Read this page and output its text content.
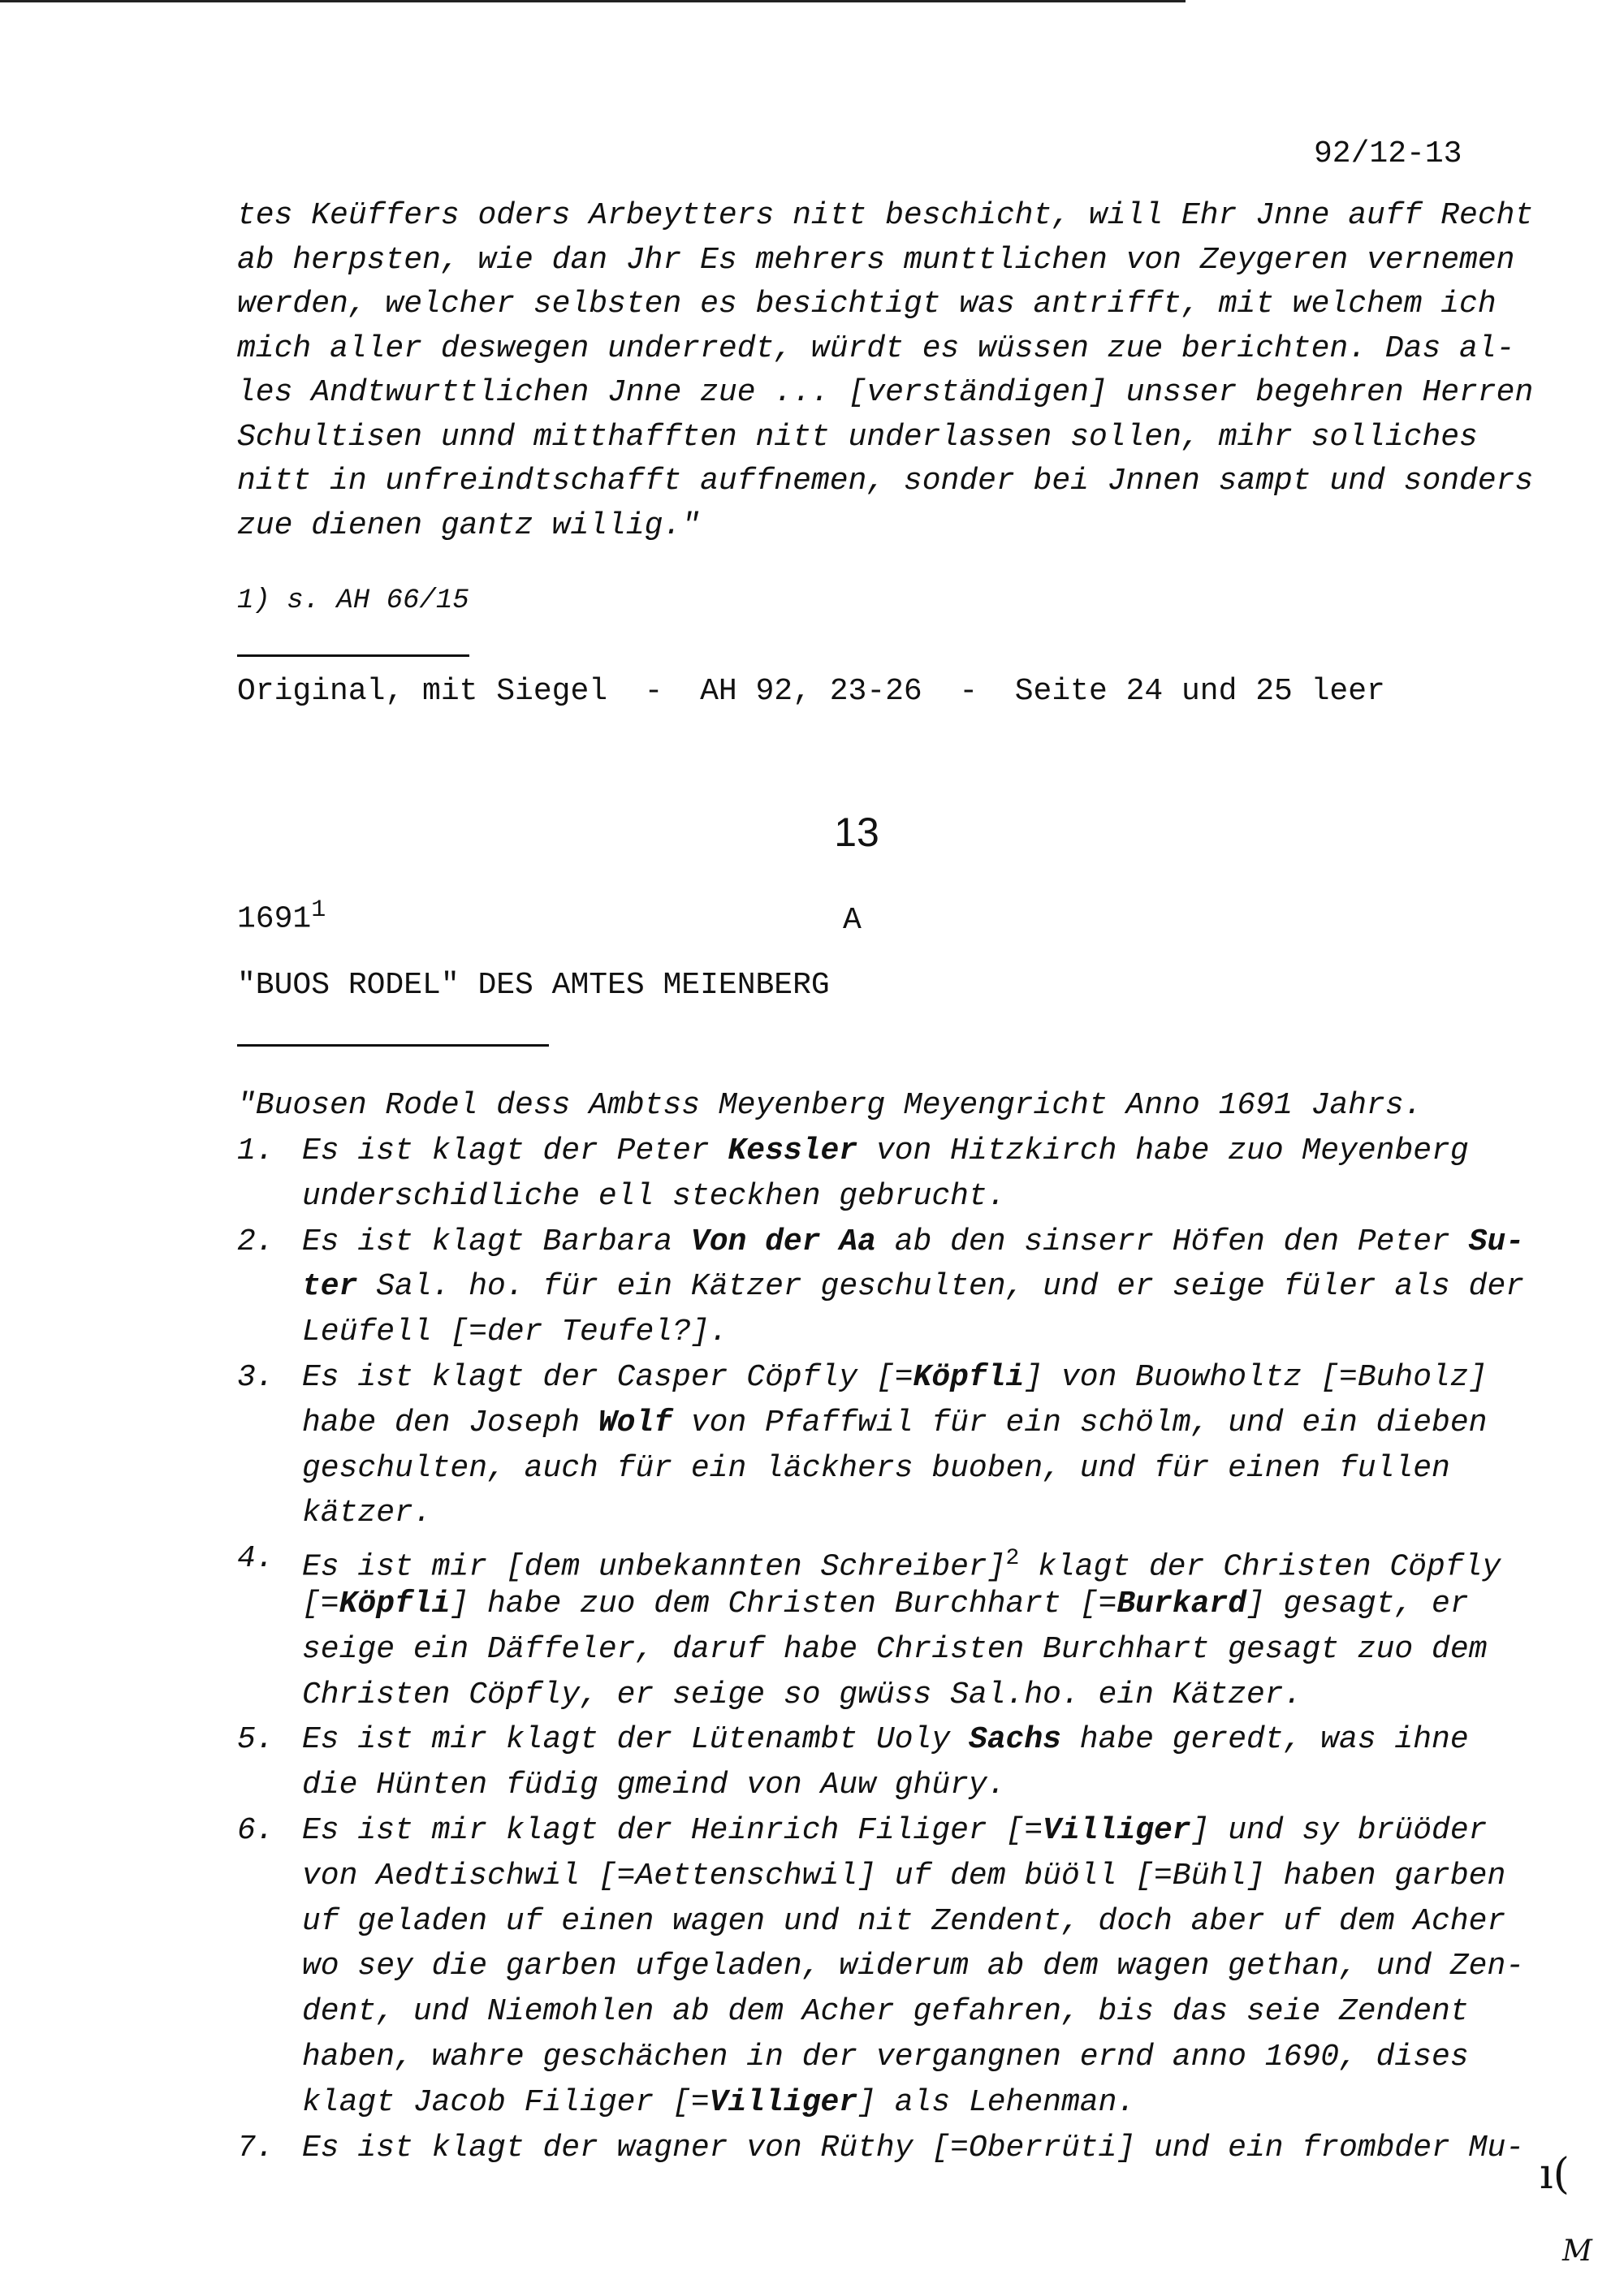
92/12-13
tes Keüffers oders Arbeytters nitt beschicht, will Ehr Jnne auff Recht
ab herpsten, wie dan Jhr Es mehrers munttlichen von Zeygeren vernemen
werden, welcher selbsten es besichtigt was antrifft, mit welchem ich
mich aller deswegen underredt, würdt es wüssen zue berichten. Das al-
les Andtwurttlichen Jnne zue ... [verständigen] unsser begehren Herren
Schultisen unnd mitthafften nitt underlassen sollen, mihr solliches
nitt in unfreindtschafft auffnemen, sonder bei Jnnen sampt und sonders
zue dienen gantz willig."
1) s. AH 66/15
Original, mit Siegel  -  AH 92, 23-26  -  Seite 24 und 25 leer
13
1691$^1$	A
"BUOS RODEL" DES AMTES MEIENBERG
"Buosen Rodel dess Ambtss Meyenberg Meyengricht Anno 1691 Jahrs.
1. Es ist klagt der Peter Kessler von Hitzkirch habe zuo Meyenberg
underschidliche ell steckhen gebrucht.
2. Es ist klagt Barbara Von der Aa ab den sinserr Höfen den Peter Su-
ter Sal. ho. für ein Kätzer geschulten, und er seige füler als der
Leüfell [=der Teufel?].
3. Es ist klagt der Casper Cöpfly [=Köpfli] von Buowholtz [=Buholz]
habe den Joseph Wolf von Pfaffwil für ein schölm, und ein dieben
geschulten, auch für ein läckhers buoben, und für einen fullen
kätzer.
4. Es ist mir [dem unbekannten Schreiber]$^2$ klagt der Christen Cöpfly
[=Köpfli] habe zuo dem Christen Burchhart [=Burkard] gesagt, er
seige ein Däffeler, daruf habe Christen Burchhart gesagt zuo dem
Christen Cöpfly, er seige so gwüss Sal.ho. ein Kätzer.
5. Es ist mir klagt der Lütenambt Uoly Sachs habe geredt, was ihne
die Hünten füdig gmeind von Auw ghüry.
6. Es ist mir klagt der Heinrich Filiger [=Villiger] und sy brüöder
von Aedtischwil [=Aettenschwil] uf dem büöll [=Bühl] haben garben
uf geladen uf einen wagen und nit Zendent, doch aber uf dem Acher
wo sey die garben ufgeladen, widerum ab dem wagen gethan, und Zen-
dent, und Niemohlen ab dem Acher gefahren, bis das seie Zendent
haben, wahre geschächen in der vergangnen ernd anno 1690, dises
klagt Jacob Filiger [=Villiger] als Lehenman.
7. Es ist klagt der wagner von Rüthy [=Oberrüti] und ein frombder Mu-
ı(
M
